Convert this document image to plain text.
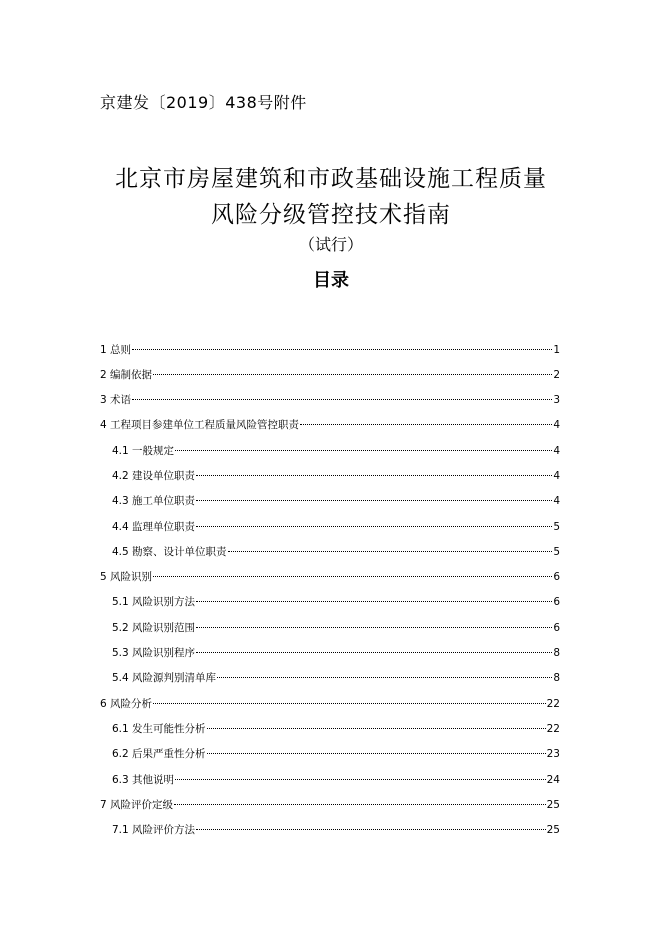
京建发〔2019〕438号附件
北京市房屋建筑和市政基础设施工程质量
风险分级管控技术指南
（试行）
目录
1 总则	1
2 编制依据	2
3 术语	3
4 工程项目参建单位工程质量风险管控职责	4
4.1 一般规定	4
4.2 建设单位职责	4
4.3 施工单位职责	4
4.4 监理单位职责	5
4.5 勘察、设计单位职责	5
5 风险识别	6
5.1 风险识别方法	6
5.2 风险识别范围	6
5.3 风险识别程序	8
5.4 风险源判别清单库	8
6 风险分析	22
6.1 发生可能性分析	22
6.2 后果严重性分析	23
6.3 其他说明	24
7 风险评价定级	25
7.1 风险评价方法	25
